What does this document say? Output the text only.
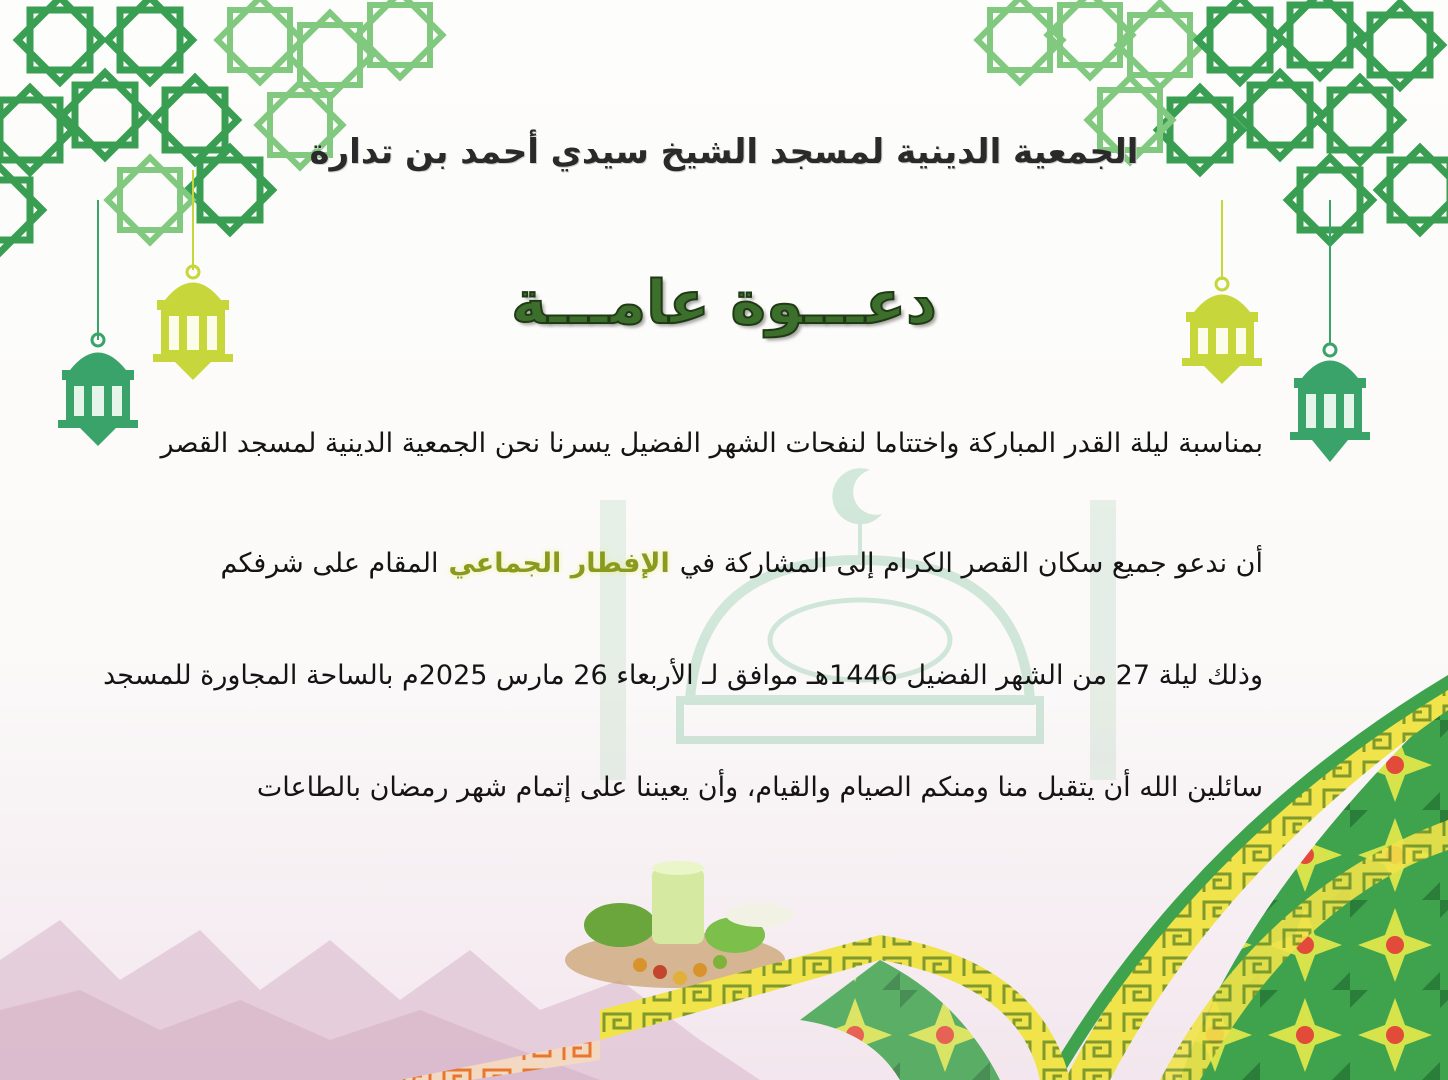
الجمعية الدينية لمسجد الشيخ سيدي أحمد بن تدارة
دعـــوة عامـــة
بمناسبة ليلة القدر المباركة واختتاما لنفحات الشهر الفضيل يسرنا نحن الجمعية الدينية لمسجد القصر
أن ندعو جميع سكان القصر الكرام إلى المشاركة فيالإفطار الجماعيالمقام على شرفكم
وذلك ليلة 27 من الشهر الفضيل 1446هـ موافق لـ الأربعاء 26 مارس 2025م بالساحة المجاورة للمسجد
سائلين الله أن يتقبل منا ومنكم الصيام والقيام، وأن يعيننا على إتمام شهر رمضان بالطاعات
